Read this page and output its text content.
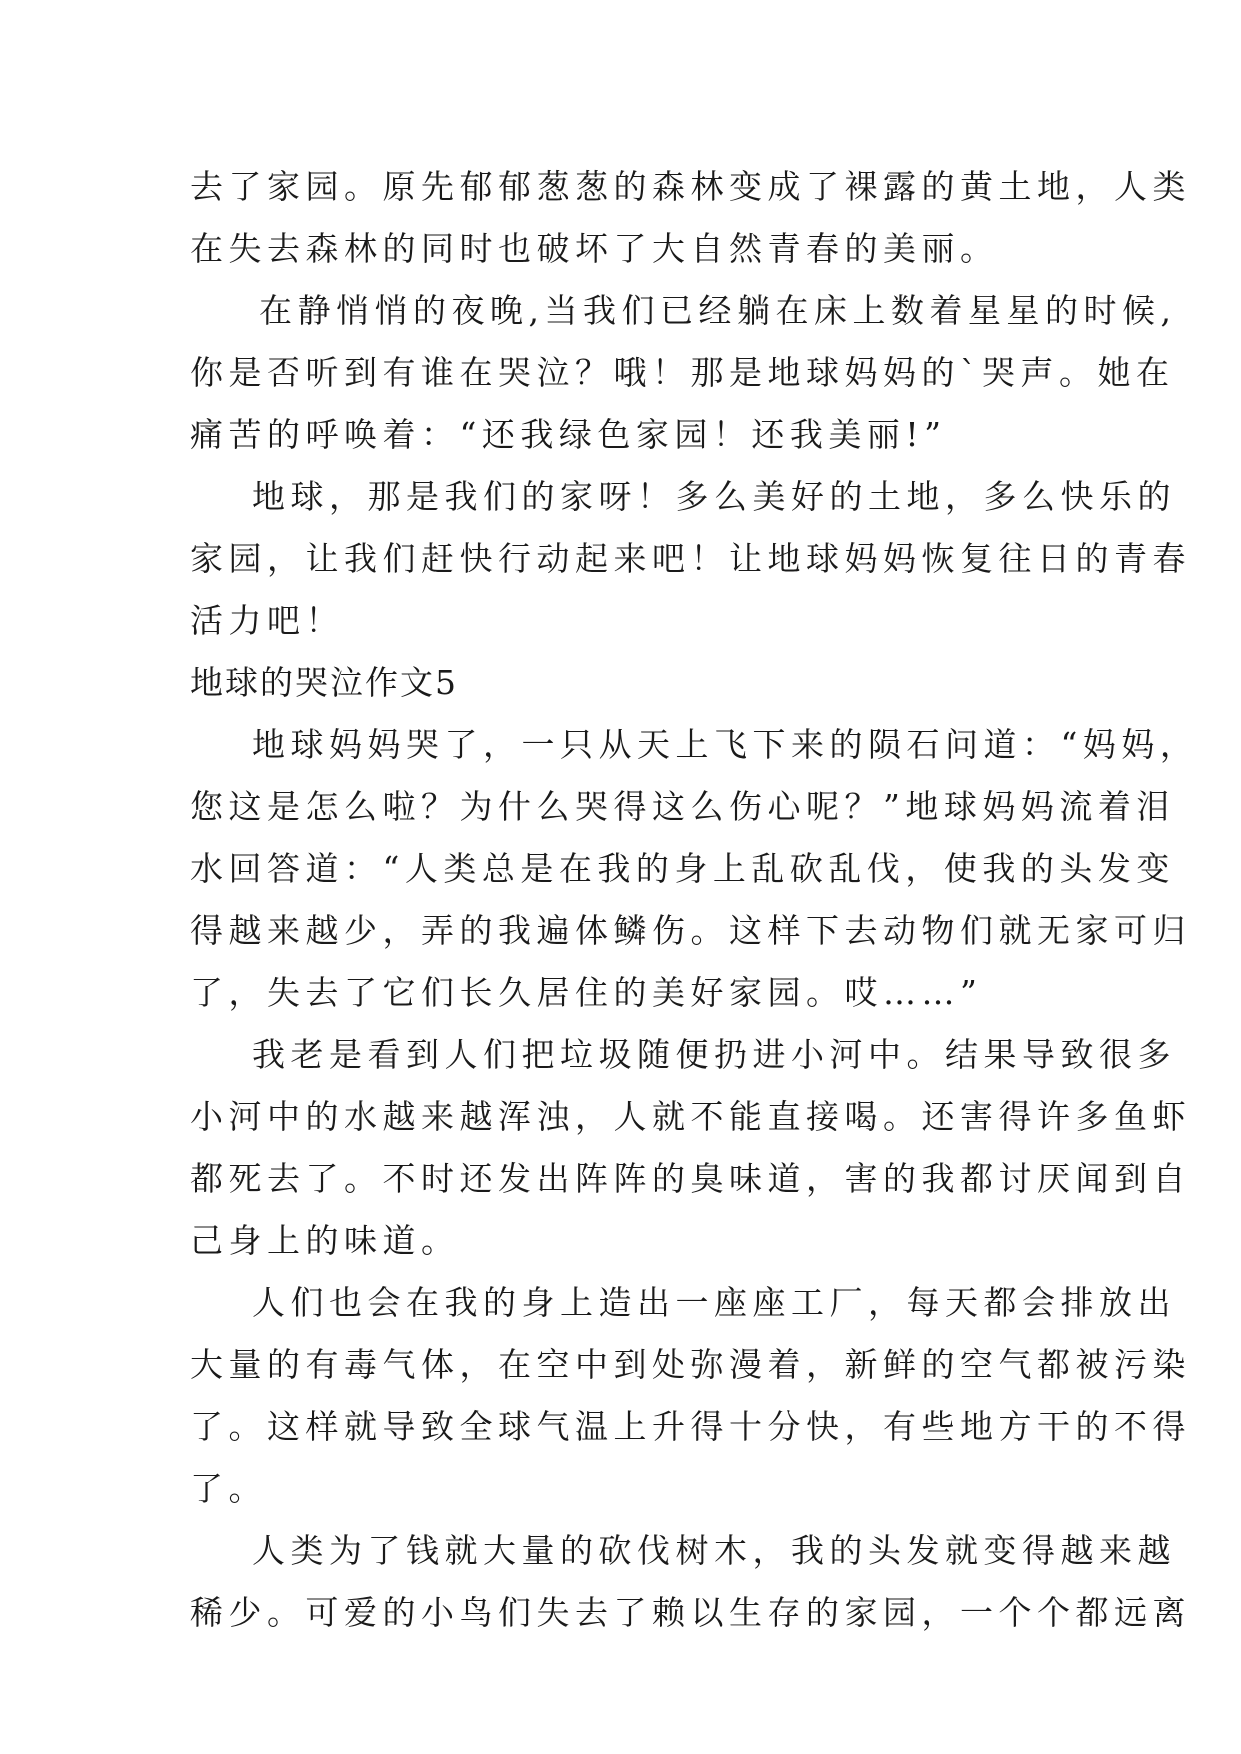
去了家园。原先郁郁葱葱的森林变成了裸露的黄土地，人类
在失去森林的同时也破坏了大自然青春的美丽。
在静悄悄的夜晚,当我们已经躺在床上数着星星的时候,
你是否听到有谁在哭泣？哦！那是地球妈妈的`哭声。她在
痛苦的呼唤着：“还我绿色家园！还我美丽!”
地球，那是我们的家呀！多么美好的土地，多么快乐的
家园，让我们赶快行动起来吧！让地球妈妈恢复往日的青春
活力吧！
地球的哭泣作文5
地球妈妈哭了，一只从天上飞下来的陨石问道：“妈妈，
您这是怎么啦？为什么哭得这么伤心呢？”地球妈妈流着泪
水回答道：“人类总是在我的身上乱砍乱伐，使我的头发变
得越来越少，弄的我遍体鳞伤。这样下去动物们就无家可归
了，失去了它们长久居住的美好家园。哎……”
我老是看到人们把垃圾随便扔进小河中。结果导致很多
小河中的水越来越浑浊，人就不能直接喝。还害得许多鱼虾
都死去了。不时还发出阵阵的臭味道，害的我都讨厌闻到自
己身上的味道。
人们也会在我的身上造出一座座工厂，每天都会排放出
大量的有毒气体，在空中到处弥漫着，新鲜的空气都被污染
了。这样就导致全球气温上升得十分快，有些地方干的不得
了。
人类为了钱就大量的砍伐树木，我的头发就变得越来越
稀少。可爱的小鸟们失去了赖以生存的家园，一个个都远离
